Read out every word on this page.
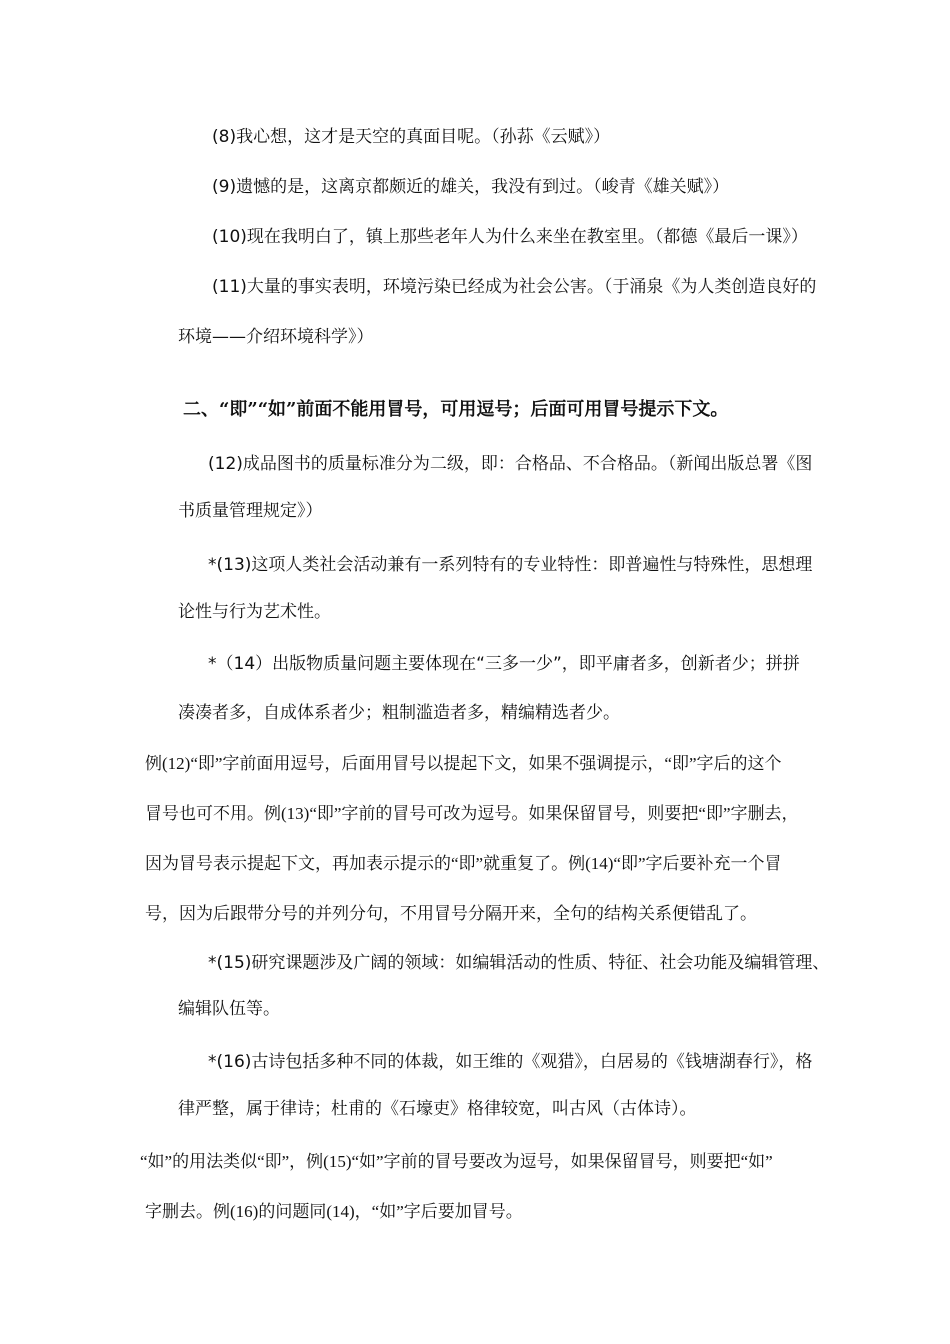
(8)我心想，这才是天空的真面目呢。（孙荪《云赋》）

(9)遗憾的是，这离京都颇近的雄关，我没有到过。（峻青《雄关赋》）

(10)现在我明白了，镇上那些老年人为什么来坐在教室里。（都德《最后一课》）

(11)大量的事实表明，环境污染已经成为社会公害。（于涌泉《为人类创造良好的

环境——介绍环境科学》）

二、“即”“如”前面不能用冒号，可用逗号；后面可用冒号提示下文。

(12)成品图书的质量标准分为二级，即：合格品、不合格品。（新闻出版总署《图

书质量管理规定》）

*(13)这项人类社会活动兼有一系列特有的专业特性：即普遍性与特殊性，思想理

论性与行为艺术性。

*（14）出版物质量问题主要体现在“三多一少”，即平庸者多，创新者少；拼拼

凑凑者多，自成体系者少；粗制滥造者多，精编精选者少。

例(12)“即”字前面用逗号，后面用冒号以提起下文，如果不强调提示，“即”字后的这个

冒号也可不用。例(13)“即”字前的冒号可改为逗号。如果保留冒号，则要把“即”字删去，

因为冒号表示提起下文，再加表示提示的“即”就重复了。例(14)“即”字后要补充一个冒

号，因为后跟带分号的并列分句，不用冒号分隔开来，全句的结构关系便错乱了。

*(15)研究课题涉及广阔的领域：如编辑活动的性质、特征、社会功能及编辑管理、

编辑队伍等。

*(16)古诗包括多种不同的体裁，如王维的《观猎》，白居易的《钱塘湖春行》，格

律严整，属于律诗；杜甫的《石壕吏》格律较宽，叫古风（古体诗）。

“如”的用法类似“即”，例(15)“如”字前的冒号要改为逗号，如果保留冒号，则要把“如”

字删去。例(16)的问题同(14)，“如”字后要加冒号。
